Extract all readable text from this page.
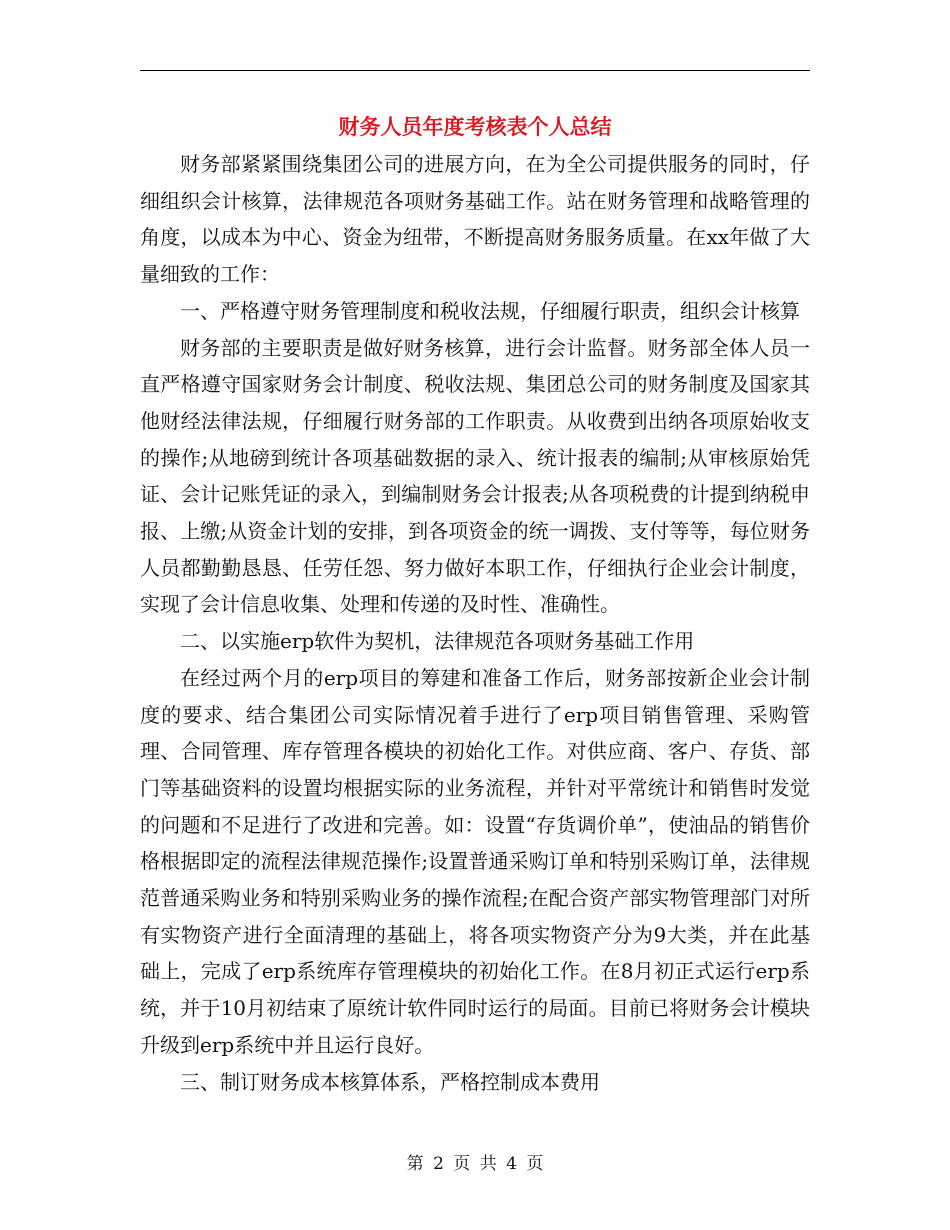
财务人员年度考核表个人总结

财务部紧紧围绕集团公司的进展方向，在为全公司提供服务的同时，仔细组织会计核算，法律规范各项财务基础工作。站在财务管理和战略管理的角度，以成本为中心、资金为纽带，不断提高财务服务质量。在xx年做了大量细致的工作：

一、严格遵守财务管理制度和税收法规，仔细履行职责，组织会计核算

财务部的主要职责是做好财务核算，进行会计监督。财务部全体人员一直严格遵守国家财务会计制度、税收法规、集团总公司的财务制度及国家其他财经法律法规，仔细履行财务部的工作职责。从收费到出纳各项原始收支的操作;从地磅到统计各项基础数据的录入、统计报表的编制;从审核原始凭证、会计记账凭证的录入，到编制财务会计报表;从各项税费的计提到纳税申报、上缴;从资金计划的安排，到各项资金的统一调拨、支付等等，每位财务人员都勤勤恳恳、任劳任怨、努力做好本职工作，仔细执行企业会计制度，实现了会计信息收集、处理和传递的及时性、准确性。

二、以实施erp软件为契机，法律规范各项财务基础工作用

在经过两个月的erp项目的筹建和准备工作后，财务部按新企业会计制度的要求、结合集团公司实际情况着手进行了erp项目销售管理、采购管理、合同管理、库存管理各模块的初始化工作。对供应商、客户、存货、部门等基础资料的设置均根据实际的业务流程，并针对平常统计和销售时发觉的问题和不足进行了改进和完善。如：设置“存货调价单”，使油品的销售价格根据即定的流程法律规范操作;设置普通采购订单和特别采购订单，法律规范普通采购业务和特别采购业务的操作流程;在配合资产部实物管理部门对所有实物资产进行全面清理的基础上，将各项实物资产分为9大类，并在此基础上，完成了erp系统库存管理模块的初始化工作。在8月初正式运行erp系统，并于10月初结束了原统计软件同时运行的局面。目前已将财务会计模块升级到erp系统中并且运行良好。

三、制订财务成本核算体系，严格控制成本费用

第 2 页 共 4 页
